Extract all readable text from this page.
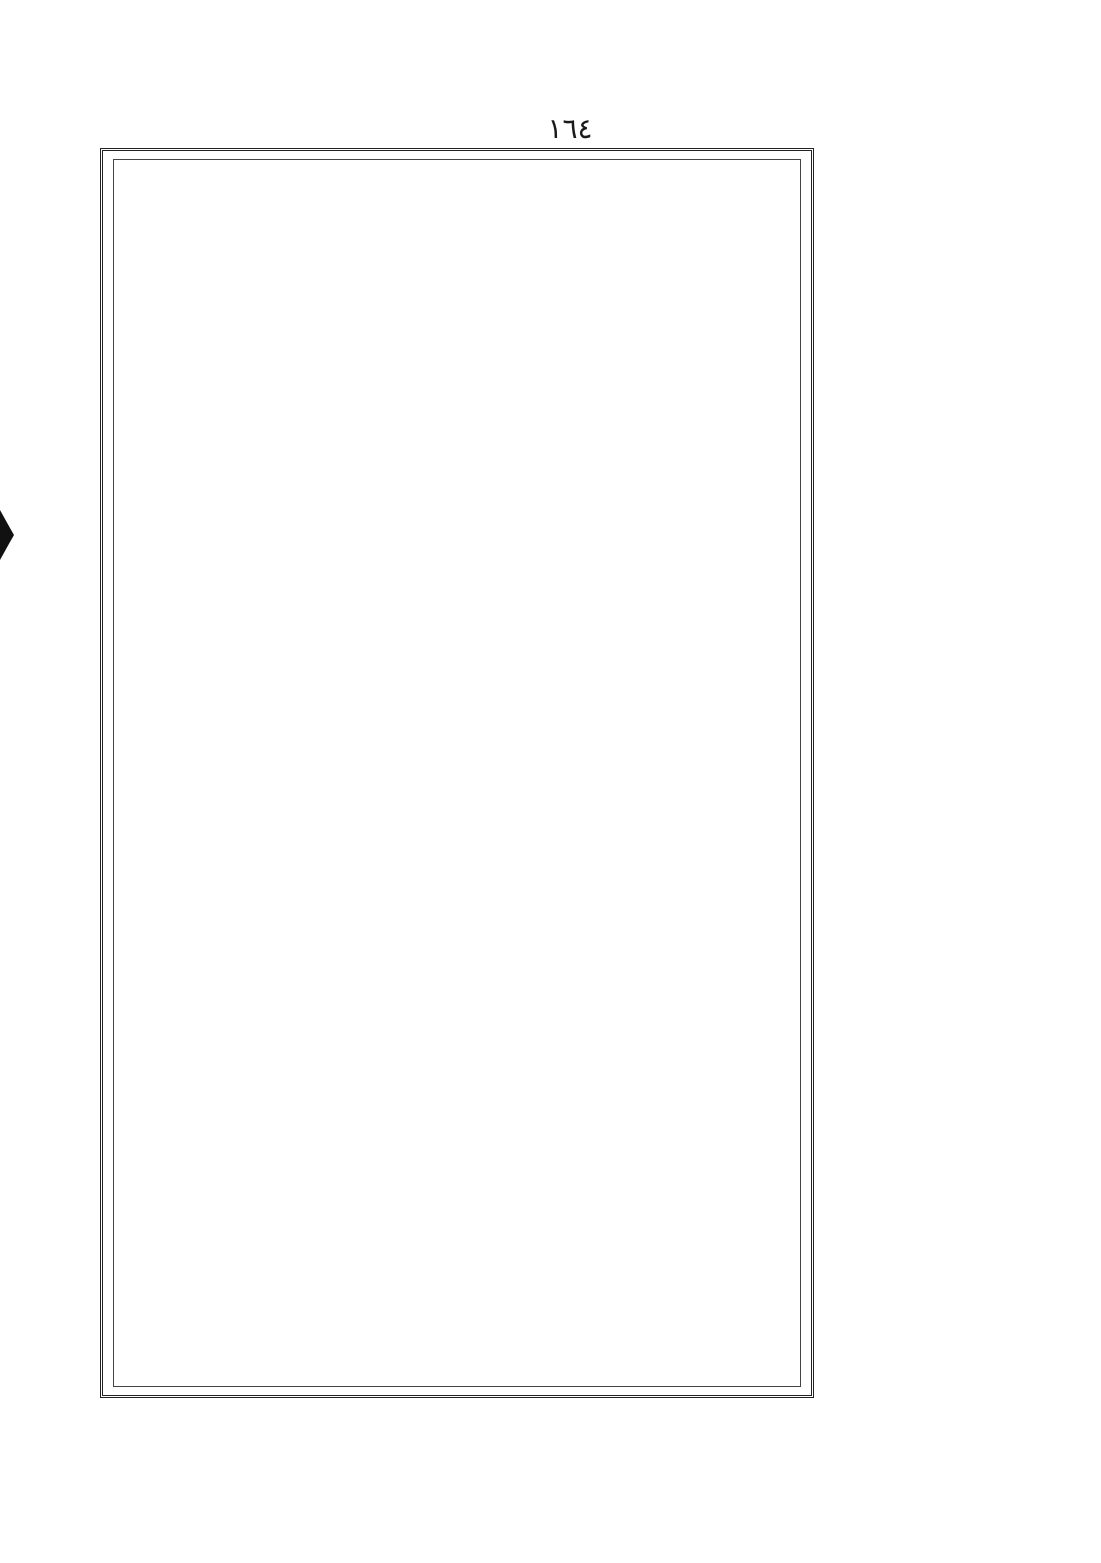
١٦٤
